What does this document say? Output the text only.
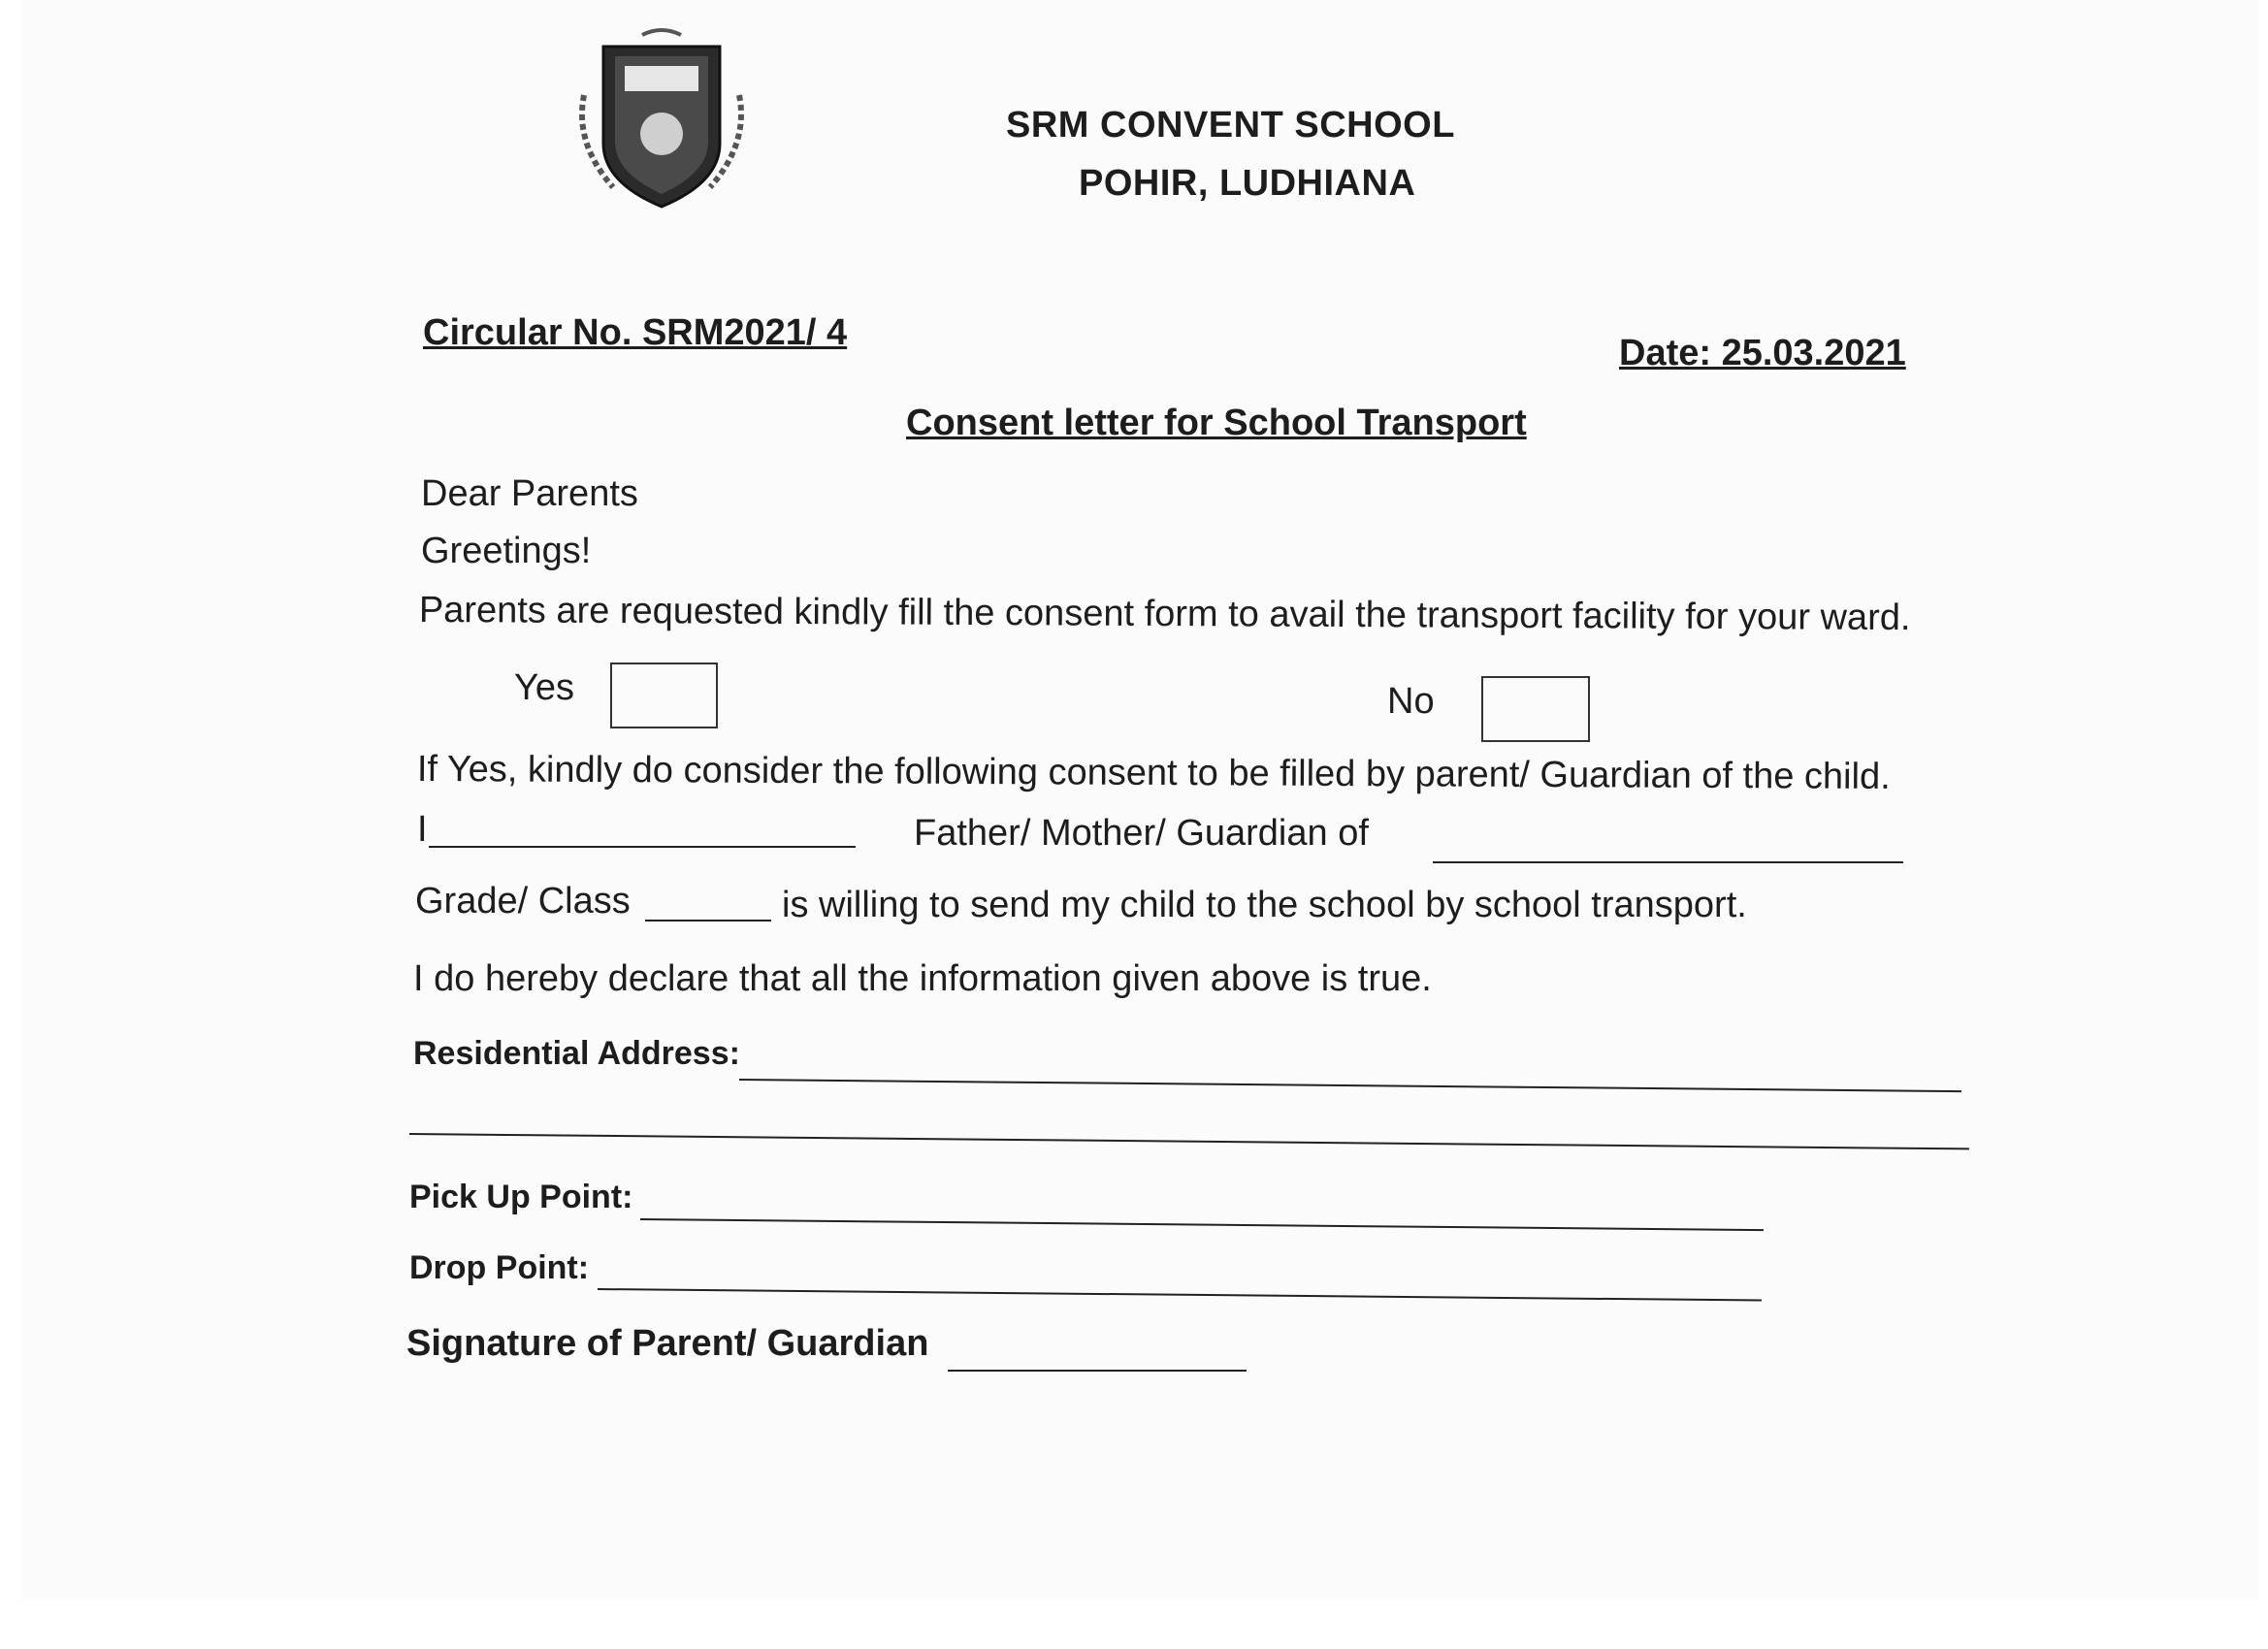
SRM CONVENT SCHOOL
POHIR, LUDHIANA
Circular No. SRM2021/ 4	Date: 25.03.2021
Consent letter for School Transport
Dear Parents
Greetings!
Parents are requested kindly fill the consent form to avail the transport facility for your ward.
Yes	No
If Yes, kindly do consider the following consent to be filled by parent/ Guardian of the child.
I	Father/ Mother/ Guardian of
Grade/ Class	is willing to send my child to the school by school transport.
I do hereby declare that all the information given above is true.
Residential Address:
Pick Up Point:
Drop Point:
Signature of Parent/ Guardian
